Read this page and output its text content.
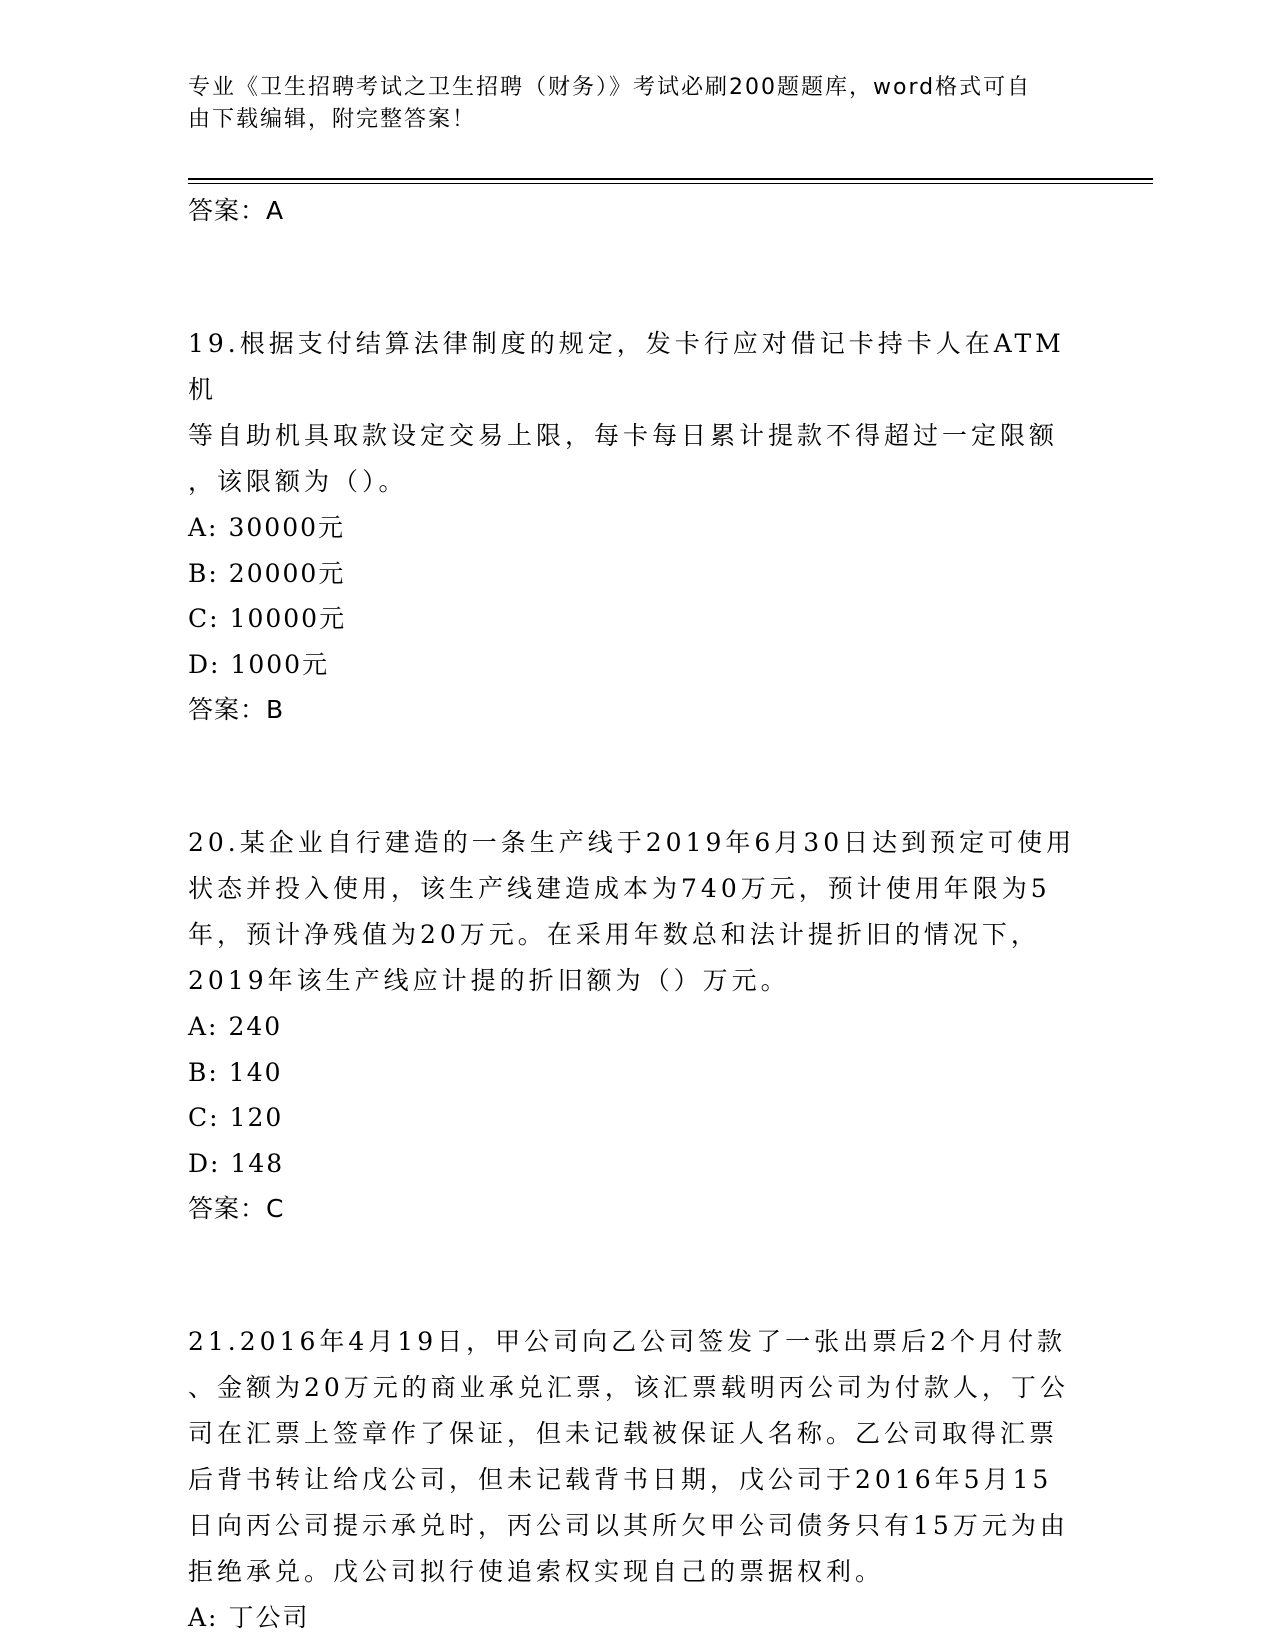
专业《卫生招聘考试之卫生招聘（财务）》考试必刷200题题库，word格式可自
由下载编辑，附完整答案！
答案：A
19.根据支付结算法律制度的规定，发卡行应对借记卡持卡人在ATM机
等自助机具取款设定交易上限，每卡每日累计提款不得超过一定限额
，该限额为（）。
A: 30000元
B: 20000元
C: 10000元
D: 1000元
答案：B
20.某企业自行建造的一条生产线于2019年6月30日达到预定可使用
状态并投入使用，该生产线建造成本为740万元，预计使用年限为5
年，预计净残值为20万元。在采用年数总和法计提折旧的情况下，
2019年该生产线应计提的折旧额为（）万元。
A: 240
B: 140
C: 120
D: 148
答案：C
21.2016年4月19日，甲公司向乙公司签发了一张出票后2个月付款
、金额为20万元的商业承兑汇票，该汇票载明丙公司为付款人，丁公
司在汇票上签章作了保证，但未记载被保证人名称。乙公司取得汇票
后背书转让给戊公司，但未记载背书日期，戊公司于2016年5月15
日向丙公司提示承兑时，丙公司以其所欠甲公司债务只有15万元为由
拒绝承兑。戊公司拟行使追索权实现自己的票据权利。
A: 丁公司
